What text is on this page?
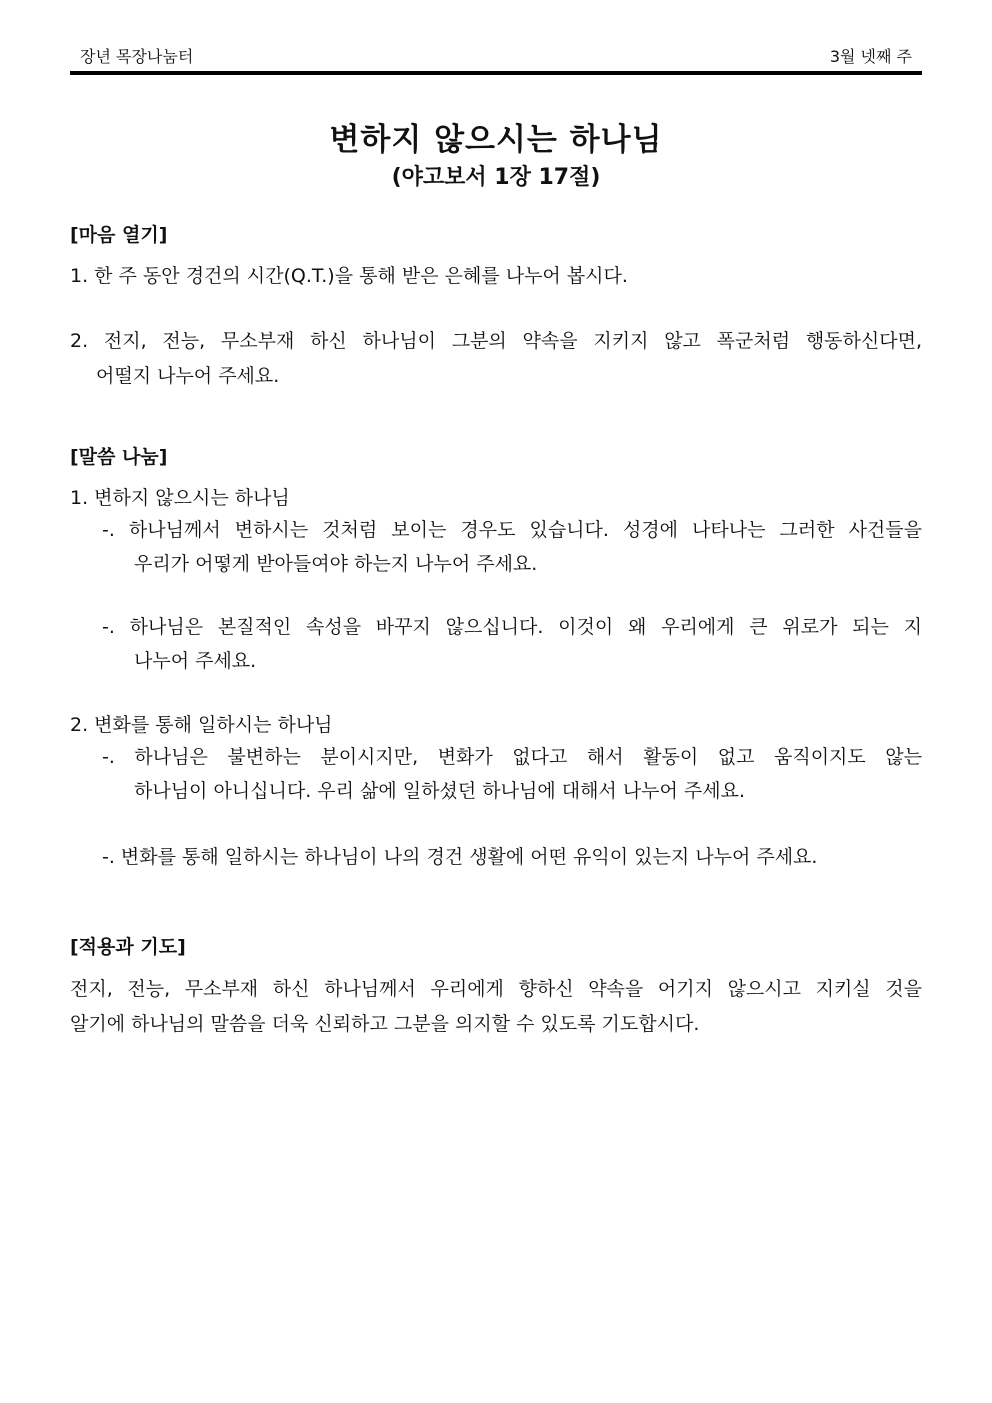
장년 목장나눔터	3월 넷째 주
변하지 않으시는 하나님
(야고보서 1장 17절)
[마음 열기]
1. 한 주 동안 경건의 시간(Q.T.)을 통해 받은 은혜를 나누어 봅시다.
2. 전지, 전능, 무소부재 하신 하나님이 그분의 약속을 지키지 않고 폭군처럼 행동하신다면,
어떨지 나누어 주세요.
[말씀 나눔]
1. 변하지 않으시는 하나님
-. 하나님께서 변하시는 것처럼 보이는 경우도 있습니다. 성경에 나타나는 그러한 사건들을
우리가 어떻게 받아들여야 하는지 나누어 주세요.
-. 하나님은 본질적인 속성을 바꾸지 않으십니다. 이것이 왜 우리에게 큰 위로가 되는 지
나누어 주세요.
2. 변화를 통해 일하시는 하나님
-. 하나님은 불변하는 분이시지만, 변화가 없다고 해서 활동이 없고 움직이지도 않는
하나님이 아니십니다. 우리 삶에 일하셨던 하나님에 대해서 나누어 주세요.
-. 변화를 통해 일하시는 하나님이 나의 경건 생활에 어떤 유익이 있는지 나누어 주세요.
[적용과 기도]
전지, 전능, 무소부재 하신 하나님께서 우리에게 향하신 약속을 어기지 않으시고 지키실 것을
알기에 하나님의 말씀을 더욱 신뢰하고 그분을 의지할 수 있도록 기도합시다.
